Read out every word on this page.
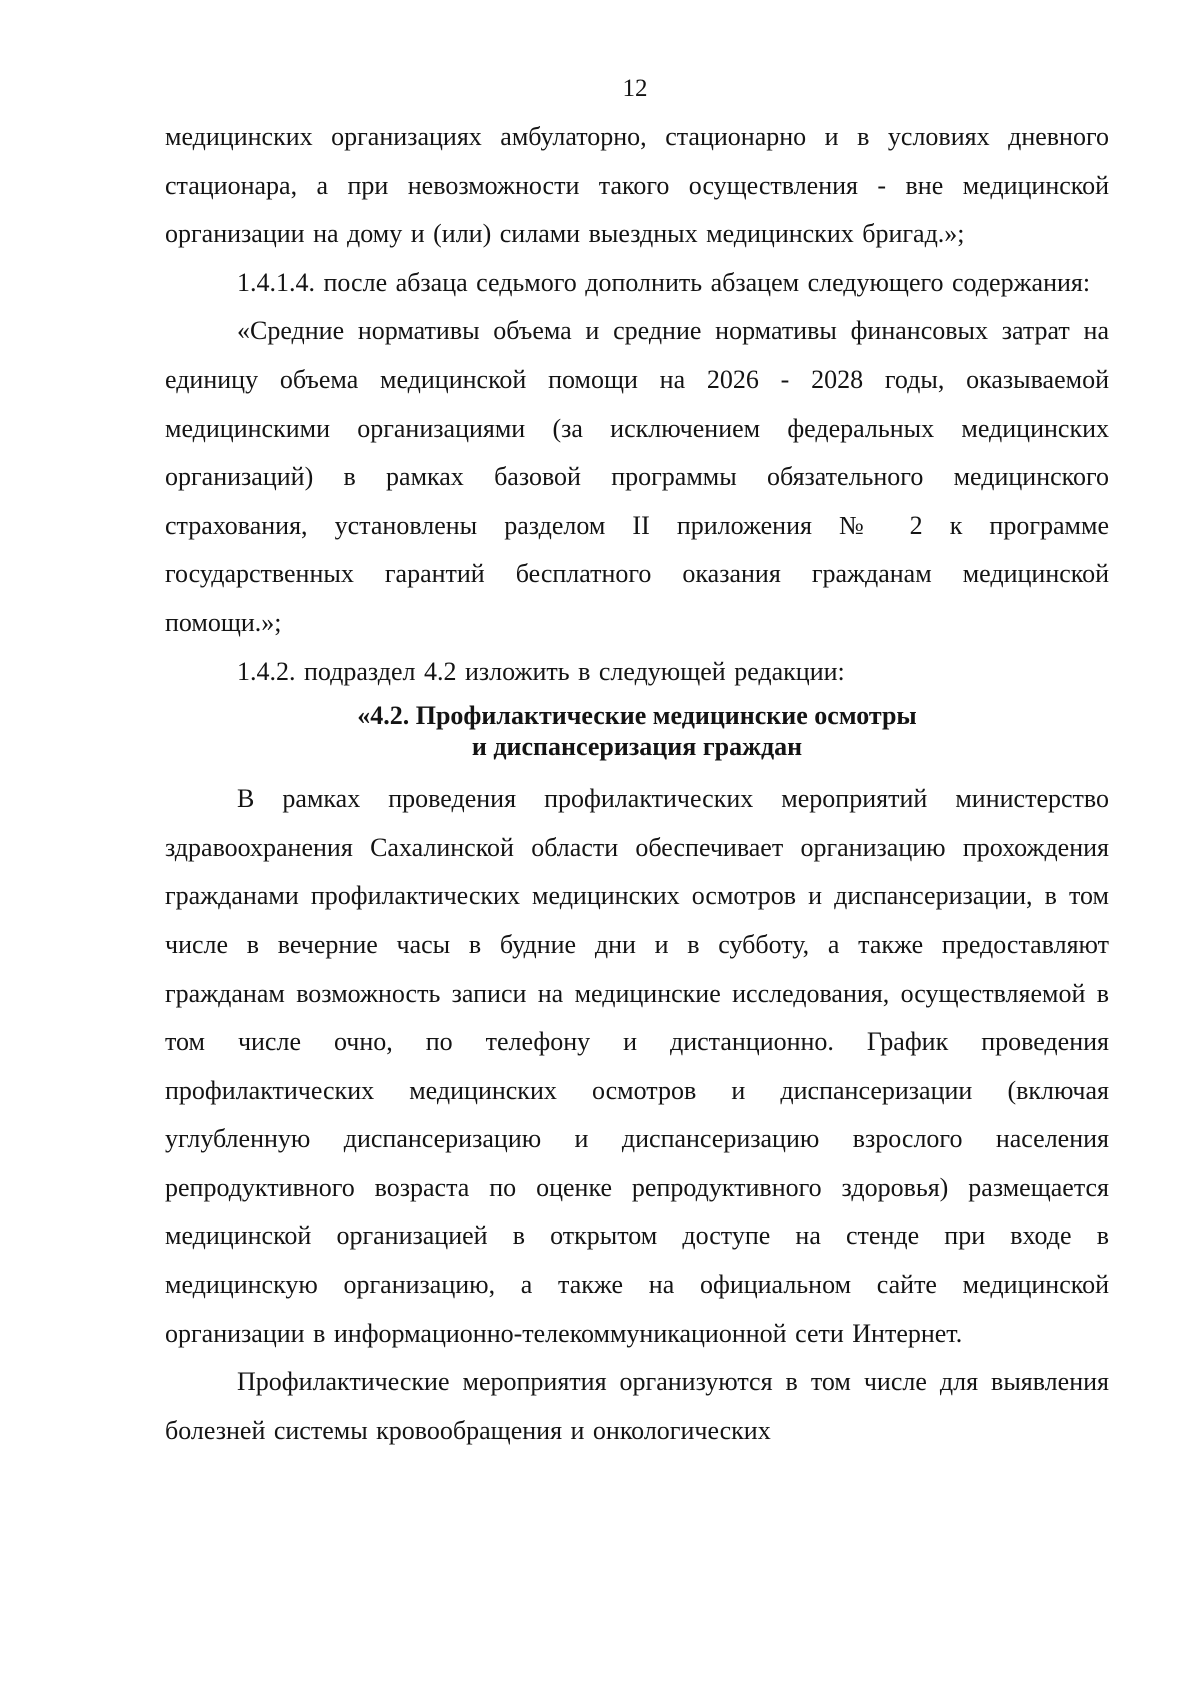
12

медицинских организациях амбулаторно, стационарно и в условиях дневного стационара, а при невозможности такого осуществления - вне медицинской организации на дому и (или) силами выездных медицинских бригад.»;

1.4.1.4. после абзаца седьмого дополнить абзацем следующего содержания:

«Средние нормативы объема и средние нормативы финансовых затрат на единицу объема медицинской помощи на 2026 - 2028 годы, оказываемой медицинскими организациями (за исключением федеральных медицинских организаций) в рамках базовой программы обязательного медицинского страхования, установлены разделом II приложения № 2 к программе государственных гарантий бесплатного оказания гражданам медицинской помощи.»;

1.4.2. подраздел 4.2 изложить в следующей редакции:

«4.2. Профилактические медицинские осмотры
и диспансеризация граждан

В рамках проведения профилактических мероприятий министерство здравоохранения Сахалинской области обеспечивает организацию прохождения гражданами профилактических медицинских осмотров и диспансеризации, в том числе в вечерние часы в будние дни и в субботу, а также предоставляют гражданам возможность записи на медицинские исследования, осуществляемой в том числе очно, по телефону и дистанционно. График проведения профилактических медицинских осмотров и диспансеризации (включая углубленную диспансеризацию и диспансеризацию взрослого населения репродуктивного возраста по оценке репродуктивного здоровья) размещается медицинской организацией в открытом доступе на стенде при входе в медицинскую организацию, а также на официальном сайте медицинской организации в информационно-телекоммуникационной сети Интернет.

Профилактические мероприятия организуются в том числе для выявления болезней системы кровообращения и онкологических
